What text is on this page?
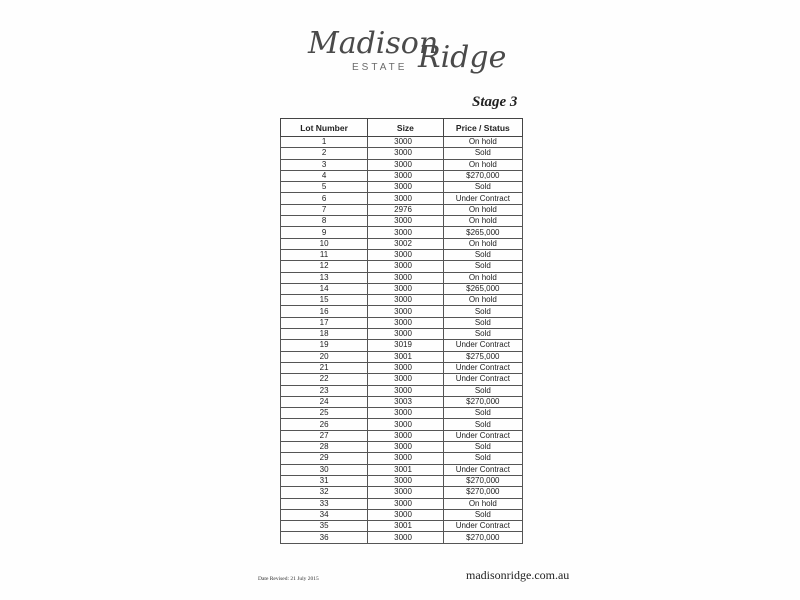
Madison
Ridge
ESTATE
Stage 3
Lot Number	Size	Price / Status
1	3000	On hold
2	3000	Sold
3	3000	On hold
4	3000	$270,000
5	3000	Sold
6	3000	Under Contract
7	2976	On hold
8	3000	On hold
9	3000	$265,000
10	3002	On hold
11	3000	Sold
12	3000	Sold
13	3000	On hold
14	3000	$265,000
15	3000	On hold
16	3000	Sold
17	3000	Sold
18	3000	Sold
19	3019	Under Contract
20	3001	$275,000
21	3000	Under Contract
22	3000	Under Contract
23	3000	Sold
24	3003	$270,000
25	3000	Sold
26	3000	Sold
27	3000	Under Contract
28	3000	Sold
29	3000	Sold
30	3001	Under Contract
31	3000	$270,000
32	3000	$270,000
33	3000	On hold
34	3000	Sold
35	3001	Under Contract
36	3000	$270,000
Date Revised: 21 July 2015	madisonridge.com.au
